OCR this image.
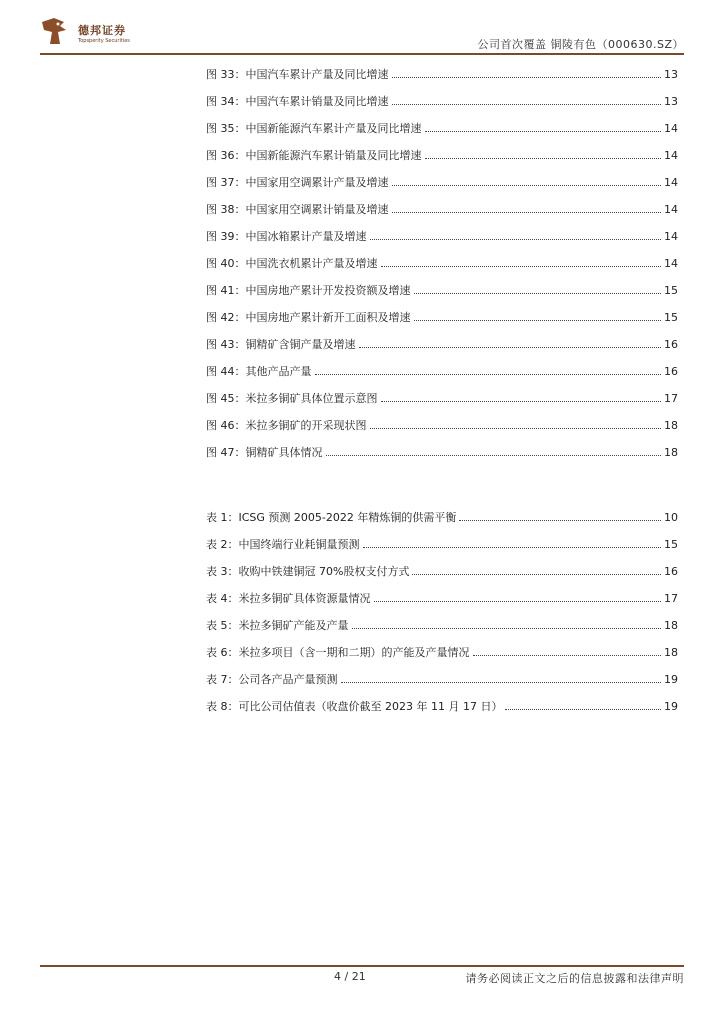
德邦证券
Topsperity Securities	公司首次覆盖 铜陵有色（000630.SZ）
图 33：中国汽车累计产量及同比增速	13
图 34：中国汽车累计销量及同比增速	13
图 35：中国新能源汽车累计产量及同比增速	14
图 36：中国新能源汽车累计销量及同比增速	14
图 37：中国家用空调累计产量及增速	14
图 38：中国家用空调累计销量及增速	14
图 39：中国冰箱累计产量及增速	14
图 40：中国洗衣机累计产量及增速	14
图 41：中国房地产累计开发投资额及增速	15
图 42：中国房地产累计新开工面积及增速	15
图 43：铜精矿含铜产量及增速	16
图 44：其他产品产量	16
图 45：米拉多铜矿具体位置示意图	17
图 46：米拉多铜矿的开采现状图	18
图 47：铜精矿具体情况	18
表 1：ICSG 预测 2005-2022 年精炼铜的供需平衡	10
表 2：中国终端行业耗铜量预测	15
表 3：收购中铁建铜冠 70%股权支付方式	16
表 4：米拉多铜矿具体资源量情况	17
表 5：米拉多铜矿产能及产量	18
表 6：米拉多项目（含一期和二期）的产能及产量情况	18
表 7：公司各产品产量预测	19
表 8：可比公司估值表（收盘价截至 2023 年 11 月 17 日）	19
4 / 21	请务必阅读正文之后的信息披露和法律声明
